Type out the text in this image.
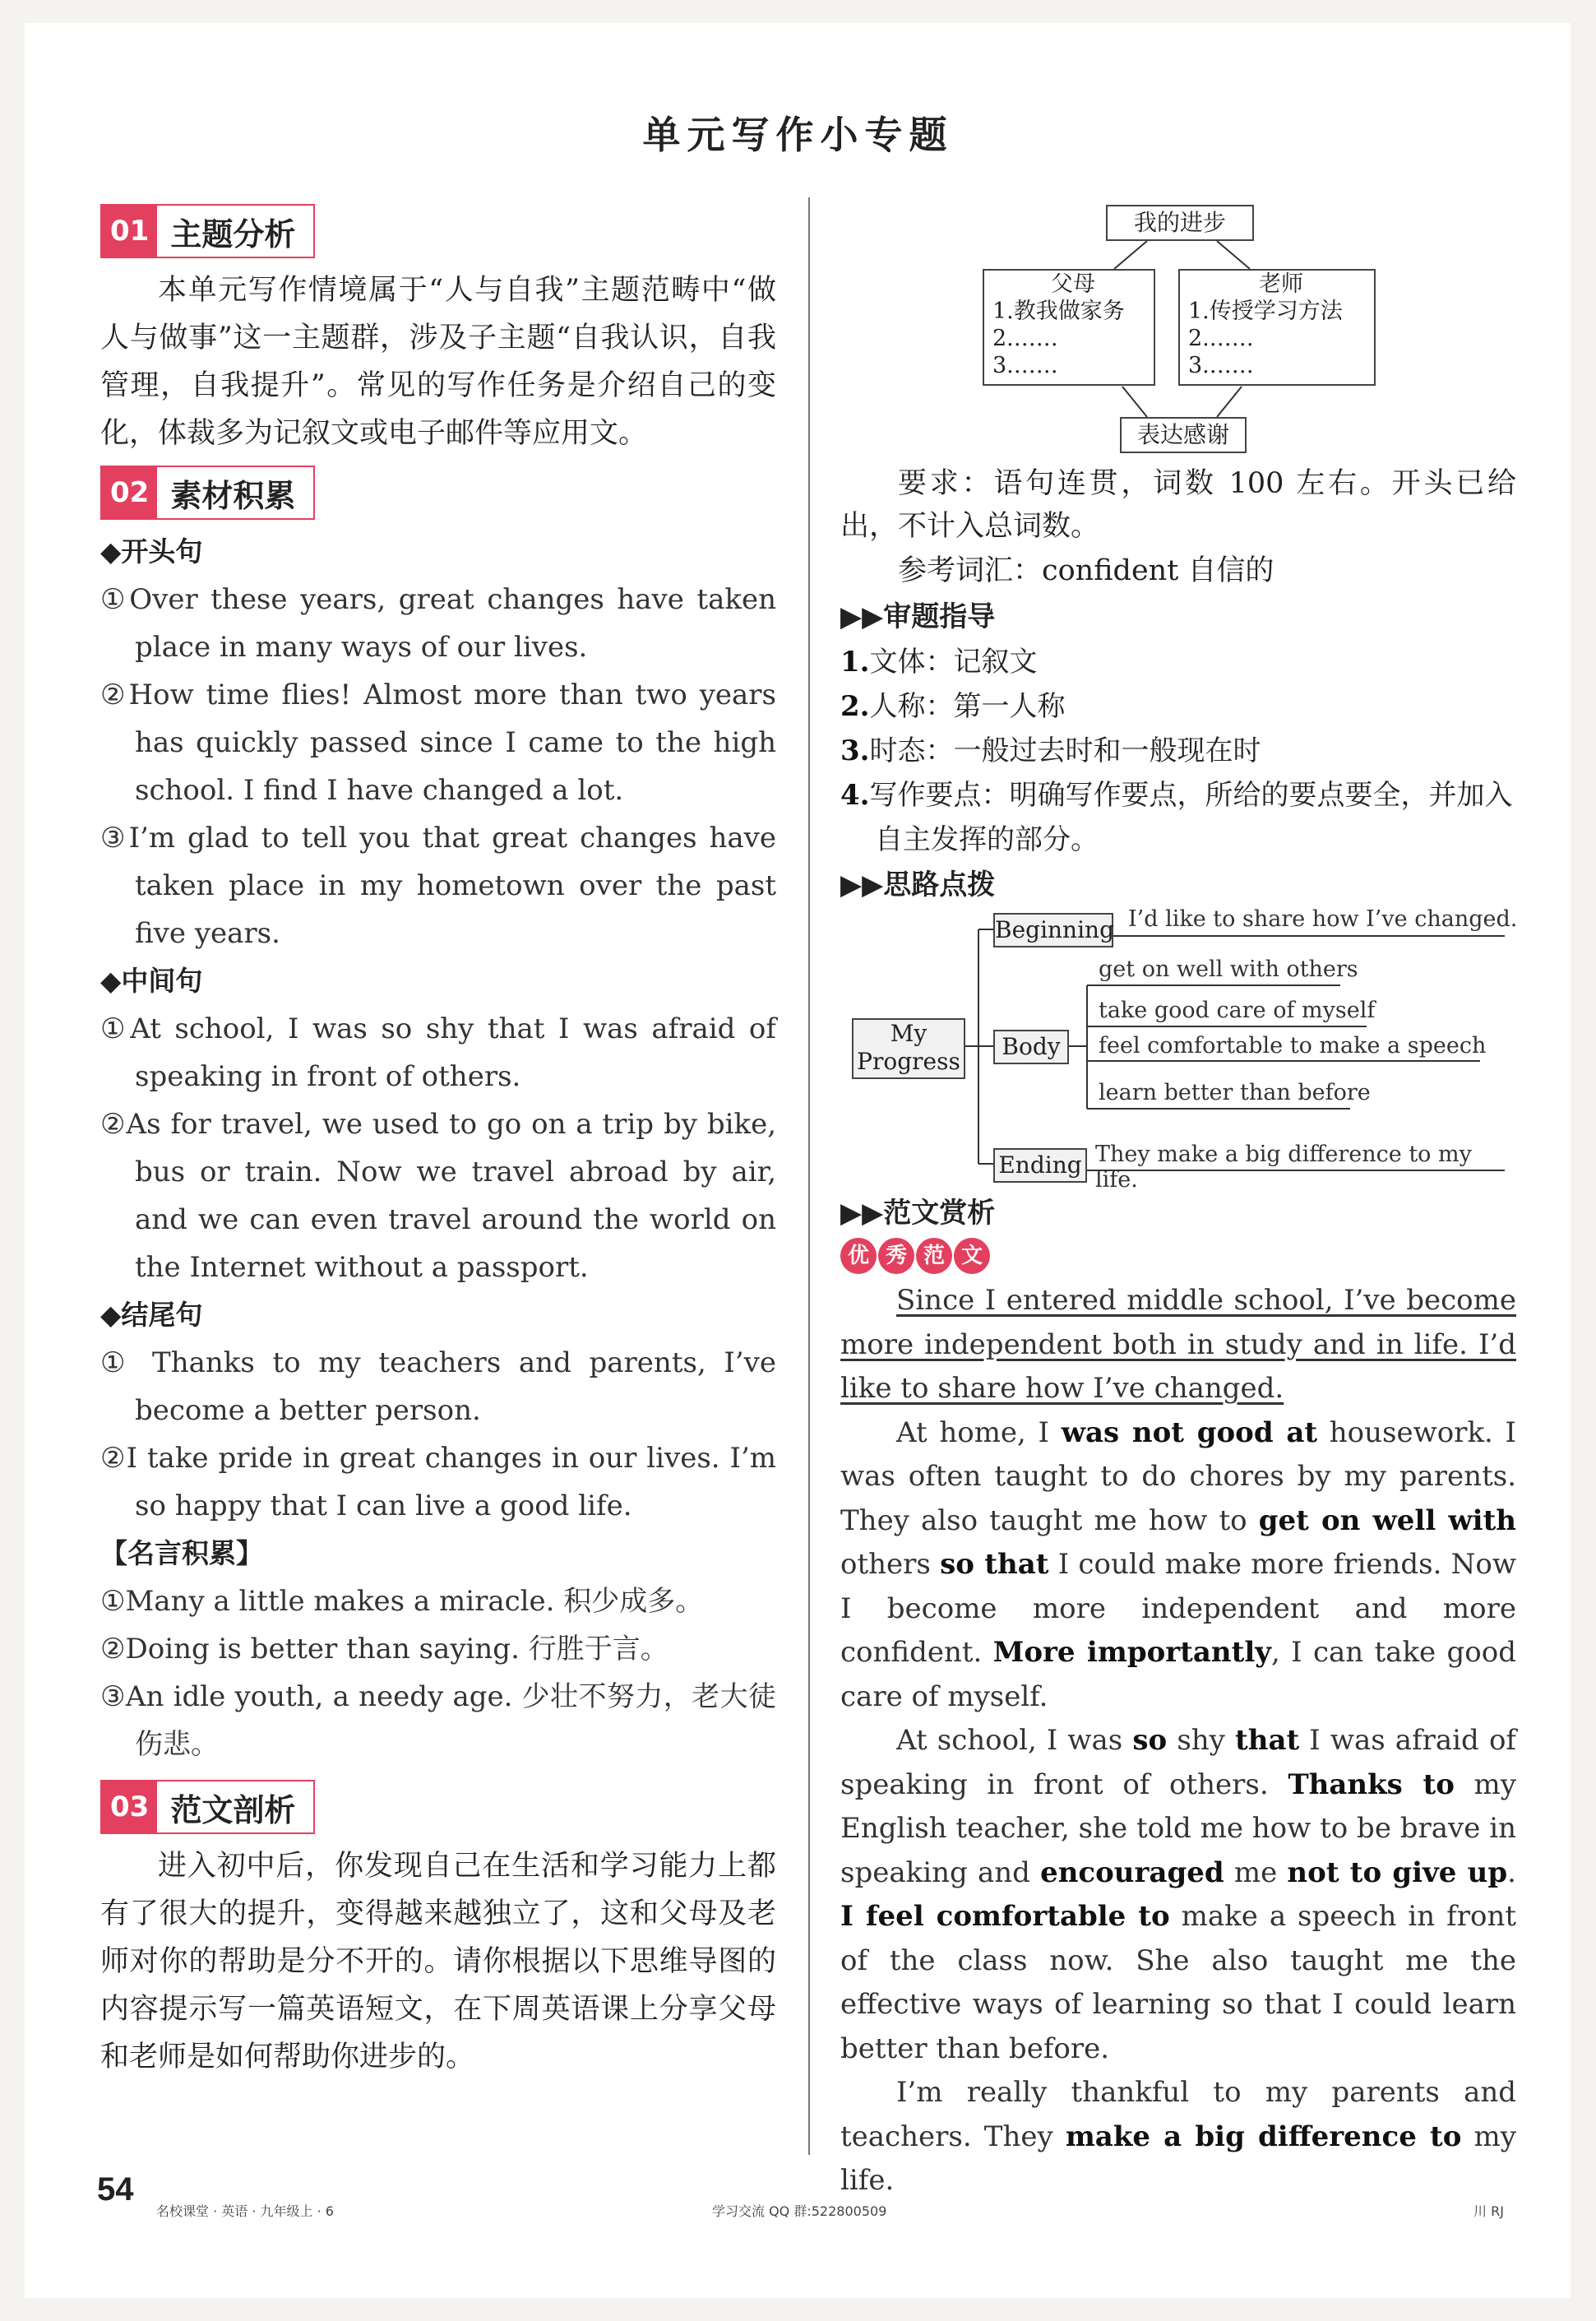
单元写作小专题
01 主题分析

本单元写作情境属于“人与自我”主题范畴中“做人与做事”这一主题群，涉及子主题“自我认识，自我管理，自我提升”。常见的写作任务是介绍自己的变化，体裁多为记叙文或电子邮件等应用文。

02 素材积累

◆开头句

①Over these years, great changes have taken place in many ways of our lives.

②How time flies! Almost more than two years has quickly passed since I came to the high school. I find I have changed a lot.

③I’m glad to tell you that great changes have taken place in my hometown over the past five years.

◆中间句

①At school, I was so shy that I was afraid of speaking in front of others.

②As for travel, we used to go on a trip by bike, bus or train. Now we travel abroad by air, and we can even travel around the world on the Internet without a passport.

◆结尾句

① Thanks to my teachers and parents, I’ve become a better person.

②I take pride in great changes in our lives. I’m so happy that I can live a good life.

【名言积累】

①Many a little makes a miracle. 积少成多。

②Doing is better than saying. 行胜于言。

③An idle youth, a needy age. 少壮不努力，老大徒伤悲。

03 范文剖析

进入初中后，你发现自己在生活和学习能力上都有了很大的提升，变得越来越独立了，这和父母及老师对你的帮助是分不开的。请你根据以下思维导图的内容提示写一篇英语短文，在下周英语课上分享父母和老师是如何帮助你进步的。

我的进步
父母
1.教我做家务
2.……
3.……
老师
1.传授学习方法
2.……
3.……
表达感谢

要求：语句连贯，词数 100 左右。开头已给出，不计入总词数。

参考词汇：confident 自信的

▶▶审题指导

1.文体：记叙文

2.人称：第一人称

3.时态：一般过去时和一般现在时

4.写作要点：明确写作要点，所给的要点要全，并加入自主发挥的部分。

▶▶思路点拨

My
Progress
Beginning I’d like to share how I’ve changed.
Body
get on well with others
take good care of myself
feel comfortable to make a speech
learn better than before
Ending They make a big difference to my life.

▶▶范文赏析

优 秀 范 文

Since I entered middle school, I’ve become more independent both in study and in life. I’d like to share how I’ve changed.

At home, I was not good at housework. I was often taught to do chores by my parents. They also taught me how to get on well with others so that I could make more friends. Now I become more independent and more confident. More importantly, I can take good care of myself.

At school, I was so shy that I was afraid of speaking in front of others. Thanks to my English teacher, she told me how to be brave in speaking and encouraged me not to give up. I feel comfortable to make a speech in front of the class now. She also taught me the effective ways of learning so that I could learn better than before.

I’m really thankful to my parents and teachers. They make a big difference to my life.

54
名校课堂 · 英语 · 九年级上 · 6	学习交流 QQ 群:522800509	川 RJ
